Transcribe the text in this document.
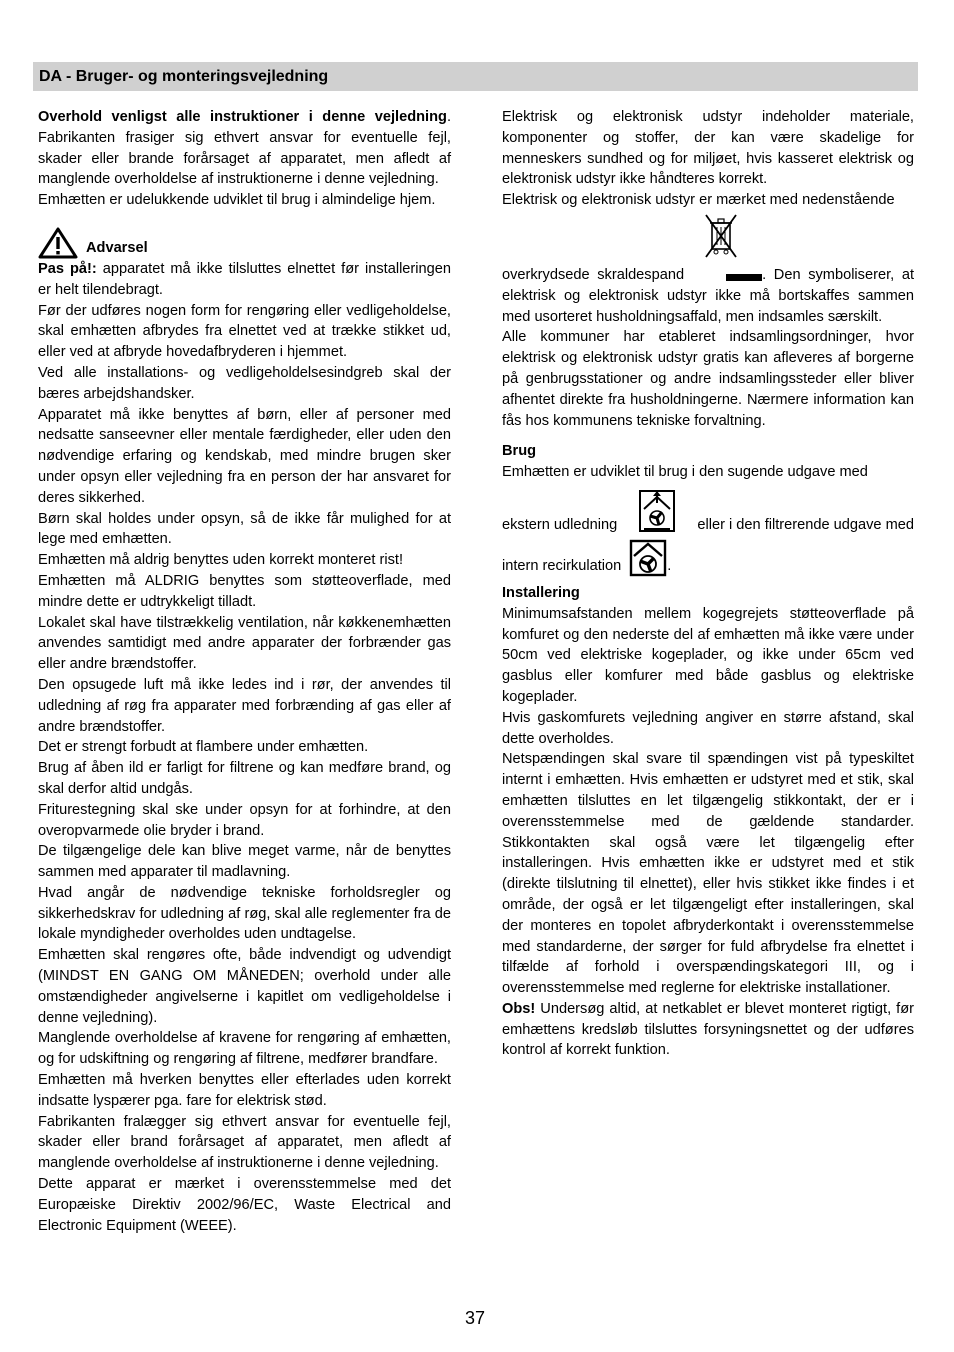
DA - Bruger- og monteringsvejledning

Overhold venligst alle instruktioner i denne vejledning. Fabrikanten frasiger sig ethvert ansvar for eventuelle fejl, skader eller brande forårsaget af apparatet, men afledt af manglende overholdelse af instruktionerne i denne vejledning.

Emhætten er udelukkende udviklet til brug i almindelige hjem.

Advarsel

Pas på!: apparatet må ikke tilsluttes elnettet før installeringen er helt tilendebragt.

Før der udføres nogen form for rengøring eller vedligeholdelse, skal emhætten afbrydes fra elnettet ved at trække stikket ud, eller ved at afbryde hovedafbryderen i hjemmet.

Ved alle installations- og vedligeholdelsesindgreb skal der bæres arbejdshandsker.

Apparatet må ikke benyttes af børn, eller af personer med nedsatte sanseevner eller mentale færdigheder, eller uden den nødvendige erfaring og kendskab, med mindre brugen sker under opsyn eller vejledning fra en person der har ansvaret for deres sikkerhed.

Børn skal holdes under opsyn, så de ikke får mulighed for at lege med emhætten.

Emhætten må aldrig benyttes uden korrekt monteret rist!

Emhætten må ALDRIG benyttes som støtteoverflade, med mindre dette er udtrykkeligt tilladt.

Lokalet skal have tilstrækkelig ventilation, når køkkenemhætten anvendes samtidigt med andre apparater der forbrænder gas eller andre brændstoffer.

Den opsugede luft må ikke ledes ind i rør, der anvendes til udledning af røg fra apparater med forbrænding af gas eller af andre brændstoffer.

Det er strengt forbudt at flambere under emhætten.

Brug af åben ild er farligt for filtrene og kan medføre brand, og skal derfor altid undgås.

Friturestegning skal ske under opsyn for at forhindre, at den overopvarmede olie bryder i brand.

De tilgængelige dele kan blive meget varme, når de benyttes sammen med apparater til madlavning.

Hvad angår de nødvendige tekniske forholdsregler og sikkerhedskrav for udledning af røg, skal alle reglementer fra de lokale myndigheder overholdes uden undtagelse.

Emhætten skal rengøres ofte, både indvendigt og udvendigt (MINDST EN GANG OM MÅNEDEN; overhold under alle omstændigheder angivelserne i kapitlet om vedligeholdelse i denne vejledning).

Manglende overholdelse af kravene for rengøring af emhætten, og for udskiftning og rengøring af filtrene, medfører brandfare.

Emhætten må hverken benyttes eller efterlades uden korrekt indsatte lyspærer pga. fare for elektrisk stød.

Fabrikanten fralægger sig ethvert ansvar for eventuelle fejl, skader eller brand forårsaget af apparatet, men afledt af manglende overholdelse af instruktionerne i denne vejledning.

Dette apparat er mærket i overensstemmelse med det Europæiske Direktiv 2002/96/EC, Waste Electrical and Electronic Equipment (WEEE).

Elektrisk og elektronisk udstyr indeholder materiale, komponenter og stoffer, der kan være skadelige for menneskers sundhed og for miljøet, hvis kasseret elektrisk og elektronisk udstyr ikke håndteres korrekt.

Elektrisk og elektronisk udstyr er mærket med nedenstående

overkrydsede skraldespand	. Den symboliserer, at elektrisk og elektronisk udstyr ikke må bortskaffes sammen med usorteret husholdningsaffald, men indsamles særskilt.

Alle kommuner har etableret indsamlingsordninger, hvor elektrisk og elektronisk udstyr gratis kan afleveres af borgerne på genbrugsstationer og andre indsamlingssteder eller bliver afhentet direkte fra husholdningerne. Nærmere information kan fås hos kommunens tekniske forvaltning.

Brug

Emhætten er udviklet til brug i den sugende udgave med

ekstern udledning	eller i den filtrerende udgave med
intern recirkulation	.

Installering

Minimumsafstanden mellem kogegrejets støtteoverflade på komfuret og den nederste del af emhætten må ikke være under 50cm ved elektriske kogeplader, og ikke under 65cm ved gasblus eller komfurer med både gasblus og elektriske kogeplader.

Hvis gaskomfurets vejledning angiver en større afstand, skal dette overholdes.

Netspændingen skal svare til spændingen vist på typeskiltet internt i emhætten. Hvis emhætten er udstyret med et stik, skal emhætten tilsluttes en let tilgængelig stikkontakt, der er i overensstemmelse med de gældende standarder. Stikkontakten skal også være let tilgængelig efter installeringen. Hvis emhætten ikke er udstyret med et stik (direkte tilslutning til elnettet), eller hvis stikket ikke findes i et område, der også er let tilgængeligt efter installeringen, skal der monteres en topolet afbryderkontakt i overensstemmelse med standarderne, der sørger for fuld afbrydelse fra elnettet i tilfælde af forhold i overspændingskategori III, og i overensstemmelse med reglerne for elektriske installationer.

Obs! Undersøg altid, at netkablet er blevet monteret rigtigt, før emhættens kredsløb tilsluttes forsyningsnettet og der udføres kontrol af korrekt funktion.

37
